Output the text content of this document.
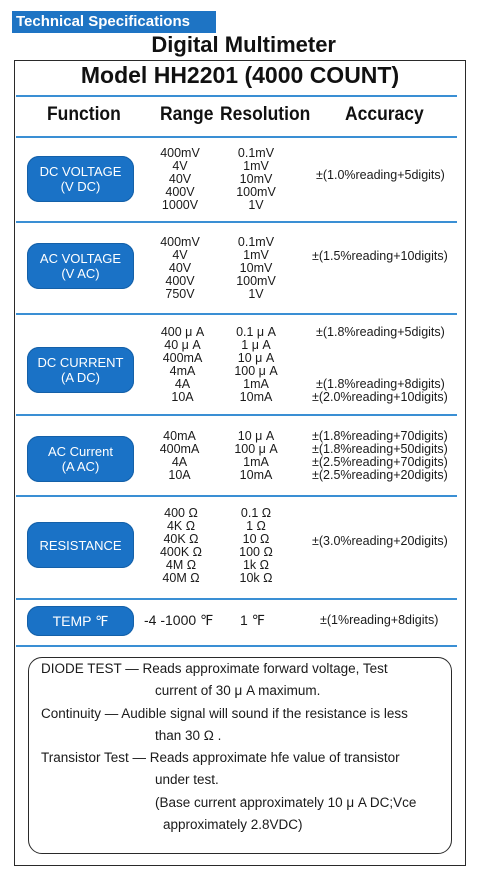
Technical Specifications
Digital Multimeter
Model HH2201 (4000 COUNT)
Function Range Resolution Accuracy
DC VOLTAGE
(V DC)
400mV
4V
40V
400V
1000V
0.1mV
1mV
10mV
100mV
1V
±(1.0%reading+5digits)
AC VOLTAGE
(V AC)
400mV
4V
40V
400V
750V
0.1mV
1mV
10mV
100mV
1V
±(1.5%reading+10digits)
DC CURRENT
(A DC)
400 μ A
40 μ A
400mA
4mA
4A
10A
0.1 μ A
1 μ A
10 μ A
100 μ A
1mA
10mA
±(1.8%reading+5digits)
±(1.8%reading+8digits)
±(2.0%reading+10digits)
AC Current
(A AC)
40mA
400mA
4A
10A
10 μ A
100 μ A
1mA
10mA
±(1.8%reading+70digits)
±(1.8%reading+50digits)
±(2.5%reading+70digits)
±(2.5%reading+20digits)
RESISTANCE
400 Ω
4K Ω
40K Ω
400K Ω
4M Ω
40M Ω
0.1 Ω
1 Ω
10 Ω
100 Ω
1k Ω
10k Ω
±(3.0%reading+20digits)
TEMP ℉	-4 -1000 ℉ 1 ℉	±(1%reading+8digits)
DIODE TEST — Reads approximate forward voltage, Test
current of 30 μ A maximum.
Continuity — Audible signal will sound if the resistance is less
than 30 Ω .
Transistor Test — Reads approximate hfe value of transistor
under test.
(Base current approximately 10 μ A DC;Vce
approximately 2.8VDC)
